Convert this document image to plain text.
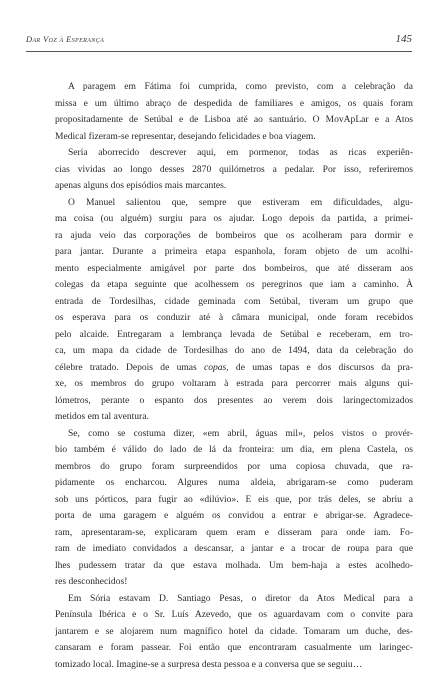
Dar Voz à Esperança	145
A paragem em Fátima foi cumprida, como previsto, com a celebração da
missa e um último abraço de despedida de familiares e amigos, os quais foram
propositadamente de Setúbal e de Lisboa até ao santuário. O MovApLar e a Atos
Medical fizeram-se representar, desejando felicidades e boa viagem.
Seria aborrecido descrever aqui, em pormenor, todas as ricas experiên-
cias vividas ao longo desses 2870 quilómetros a pedalar. Por isso, referiremos
apenas alguns dos episódios mais marcantes.
O Manuel salientou que, sempre que estiveram em dificuldades, algu-
ma coisa (ou alguém) surgiu para os ajudar. Logo depois da partida, a primei-
ra ajuda veio das corporações de bombeiros que os acolheram para dormir e
para jantar. Durante a primeira etapa espanhola, foram objeto de um acolhi-
mento especialmente amigável por parte dos bombeiros, que até disseram aos
colegas da etapa seguinte que acolhessem os peregrinos que iam a caminho. À
entrada de Tordesilhas, cidade geminada com Setúbal, tiveram um grupo que
os esperava para os conduzir até à câmara municipal, onde foram recebidos
pelo alcaide. Entregaram a lembrança levada de Setúbal e receberam, em tro-
ca, um mapa da cidade de Tordesilhas do ano de 1494, data da celebração do
célebre tratado. Depois de umas copas, de umas tapas e dos discursos da pra-
xe, os membros do grupo voltaram à estrada para percorrer mais alguns qui-
lómetros, perante o espanto dos presentes ao verem dois laringectomizados
metidos em tal aventura.
Se, como se costuma dizer, «em abril, águas mil», pelos vistos o provér-
bio também é válido do lado de lá da fronteira: um dia, em plena Castela, os
membros do grupo foram surpreendidos por uma copiosa chuvada, que ra-
pidamente os encharcou. Algures numa aldeia, abrigaram-se como puderam
sob uns pórticos, para fugir ao «dilúvio». E eis que, por trás deles, se abriu a
porta de uma garagem e alguém os convidou a entrar e abrigar-se. Agradece-
ram, apresentaram-se, explicaram quem eram e disseram para onde iam. Fo-
ram de imediato convidados a descansar, a jantar e a trocar de roupa para que
lhes pudessem tratar da que estava molhada. Um bem-haja a estes acolhedo-
res desconhecidos!
Em Sória estavam D. Santiago Pesas, o diretor da Atos Medical para a
Península Ibérica e o Sr. Luís Azevedo, que os aguardavam com o convite para
jantarem e se alojarem num magnífico hotel da cidade. Tomaram um duche, des-
cansaram e foram passear. Foi então que encontraram casualmente um laringec-
tomizado local. Imagine-se a surpresa desta pessoa e a conversa que se seguiu…
